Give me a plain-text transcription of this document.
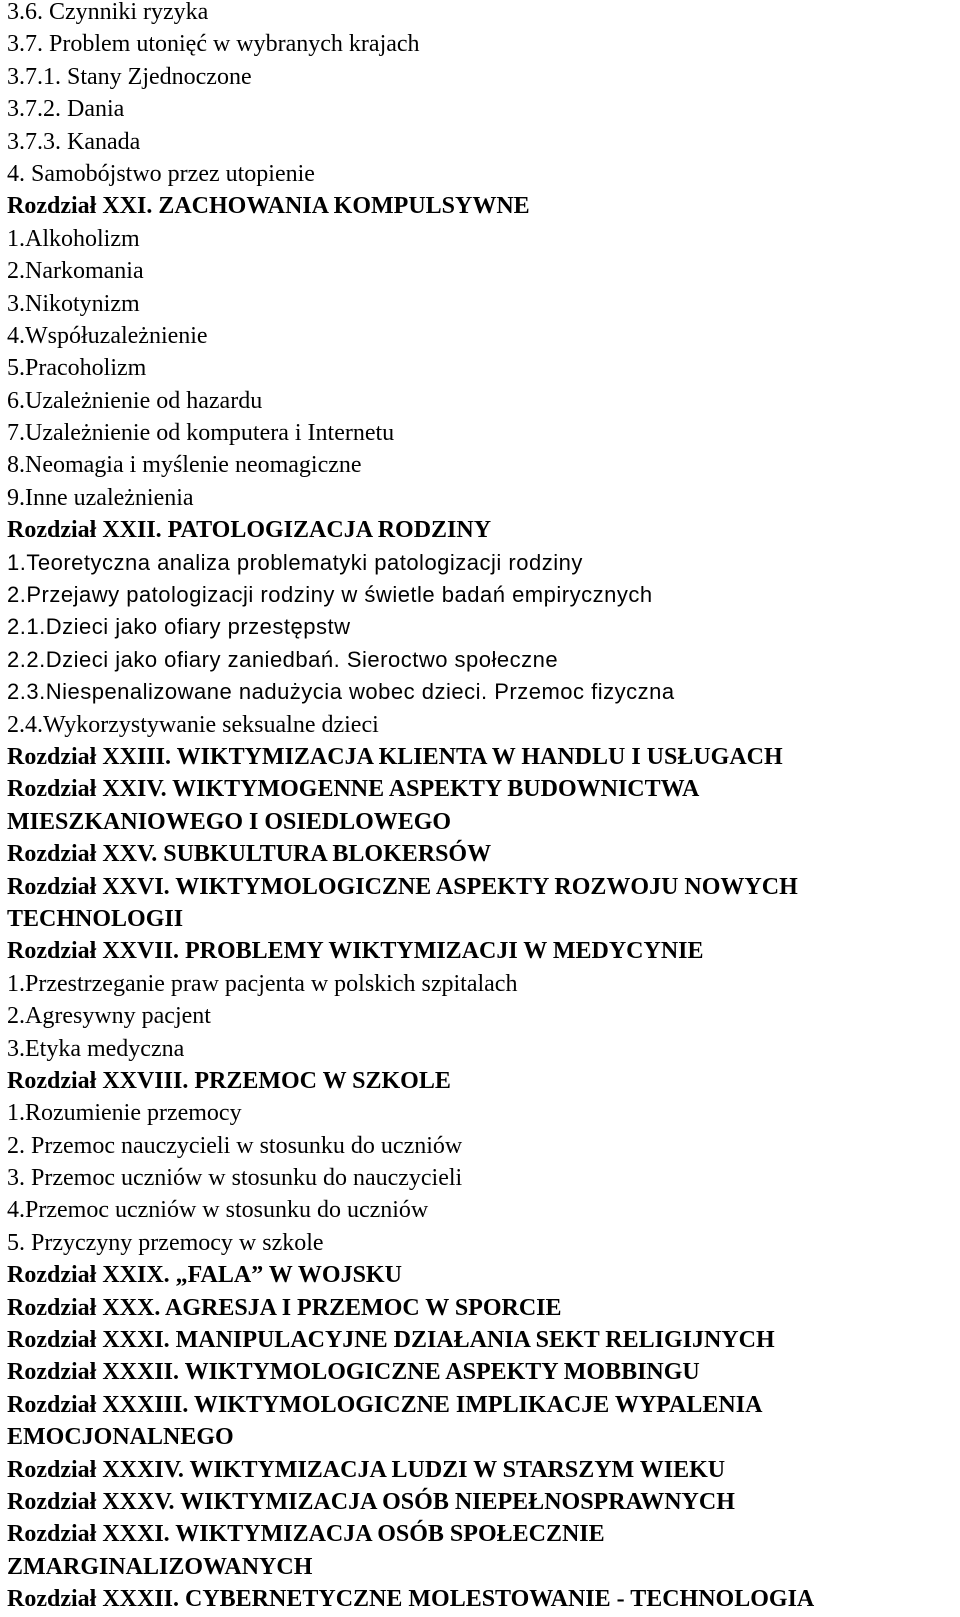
3.6. Czynniki ryzyka
3.7. Problem utonięć w wybranych krajach
3.7.1. Stany Zjednoczone
3.7.2. Dania
3.7.3. Kanada
4. Samobójstwo przez utopienie
Rozdział XXI. ZACHOWANIA KOMPULSYWNE
1.Alkoholizm
2.Narkomania
3.Nikotynizm
4.Współuzależnienie
5.Pracoholizm
6.Uzależnienie od hazardu
7.Uzależnienie od komputera i Internetu
8.Neomagia i myślenie neomagiczne
9.Inne uzależnienia
Rozdział XXII. PATOLOGIZACJA RODZINY
1.Teoretyczna analiza problematyki patologizacji rodziny
2.Przejawy patologizacji rodziny w świetle badań empirycznych
2.1.Dzieci jako ofiary przestępstw
2.2.Dzieci jako ofiary zaniedbań. Sieroctwo społeczne
2.3.Niespenalizowane nadużycia wobec dzieci. Przemoc fizyczna
2.4.Wykorzystywanie seksualne dzieci
Rozdział XXIII. WIKTYMIZACJA KLIENTA W HANDLU I USŁUGACH
Rozdział XXIV. WIKTYMOGENNE ASPEKTY BUDOWNICTWA
MIESZKANIOWEGO I OSIEDLOWEGO
Rozdział XXV. SUBKULTURA BLOKERSÓW
Rozdział XXVI. WIKTYMOLOGICZNE ASPEKTY ROZWOJU NOWYCH
TECHNOLOGII
Rozdział XXVII. PROBLEMY WIKTYMIZACJI W MEDYCYNIE
1.Przestrzeganie praw pacjenta w polskich szpitalach
2.Agresywny pacjent
3.Etyka medyczna
Rozdział XXVIII. PRZEMOC W SZKOLE
1.Rozumienie przemocy
2. Przemoc nauczycieli w stosunku do uczniów
3. Przemoc uczniów w stosunku do nauczycieli
4.Przemoc uczniów w stosunku do uczniów
5. Przyczyny przemocy w szkole
Rozdział XXIX. „FALA” W WOJSKU
Rozdział XXX. AGRESJA I PRZEMOC W SPORCIE
Rozdział XXXI. MANIPULACYJNE DZIAŁANIA SEKT RELIGIJNYCH
Rozdział XXXII. WIKTYMOLOGICZNE ASPEKTY MOBBINGU
Rozdział XXXIII. WIKTYMOLOGICZNE IMPLIKACJE WYPALENIA
EMOCJONALNEGO
Rozdział XXXIV. WIKTYMIZACJA LUDZI W STARSZYM WIEKU
Rozdział XXXV. WIKTYMIZACJA OSÓB NIEPEŁNOSPRAWNYCH
Rozdział XXXI. WIKTYMIZACJA OSÓB SPOŁECZNIE
ZMARGINALIZOWANYCH
Rozdział XXXII. CYBERNETYCZNE MOLESTOWANIE - TECHNOLOGIA
